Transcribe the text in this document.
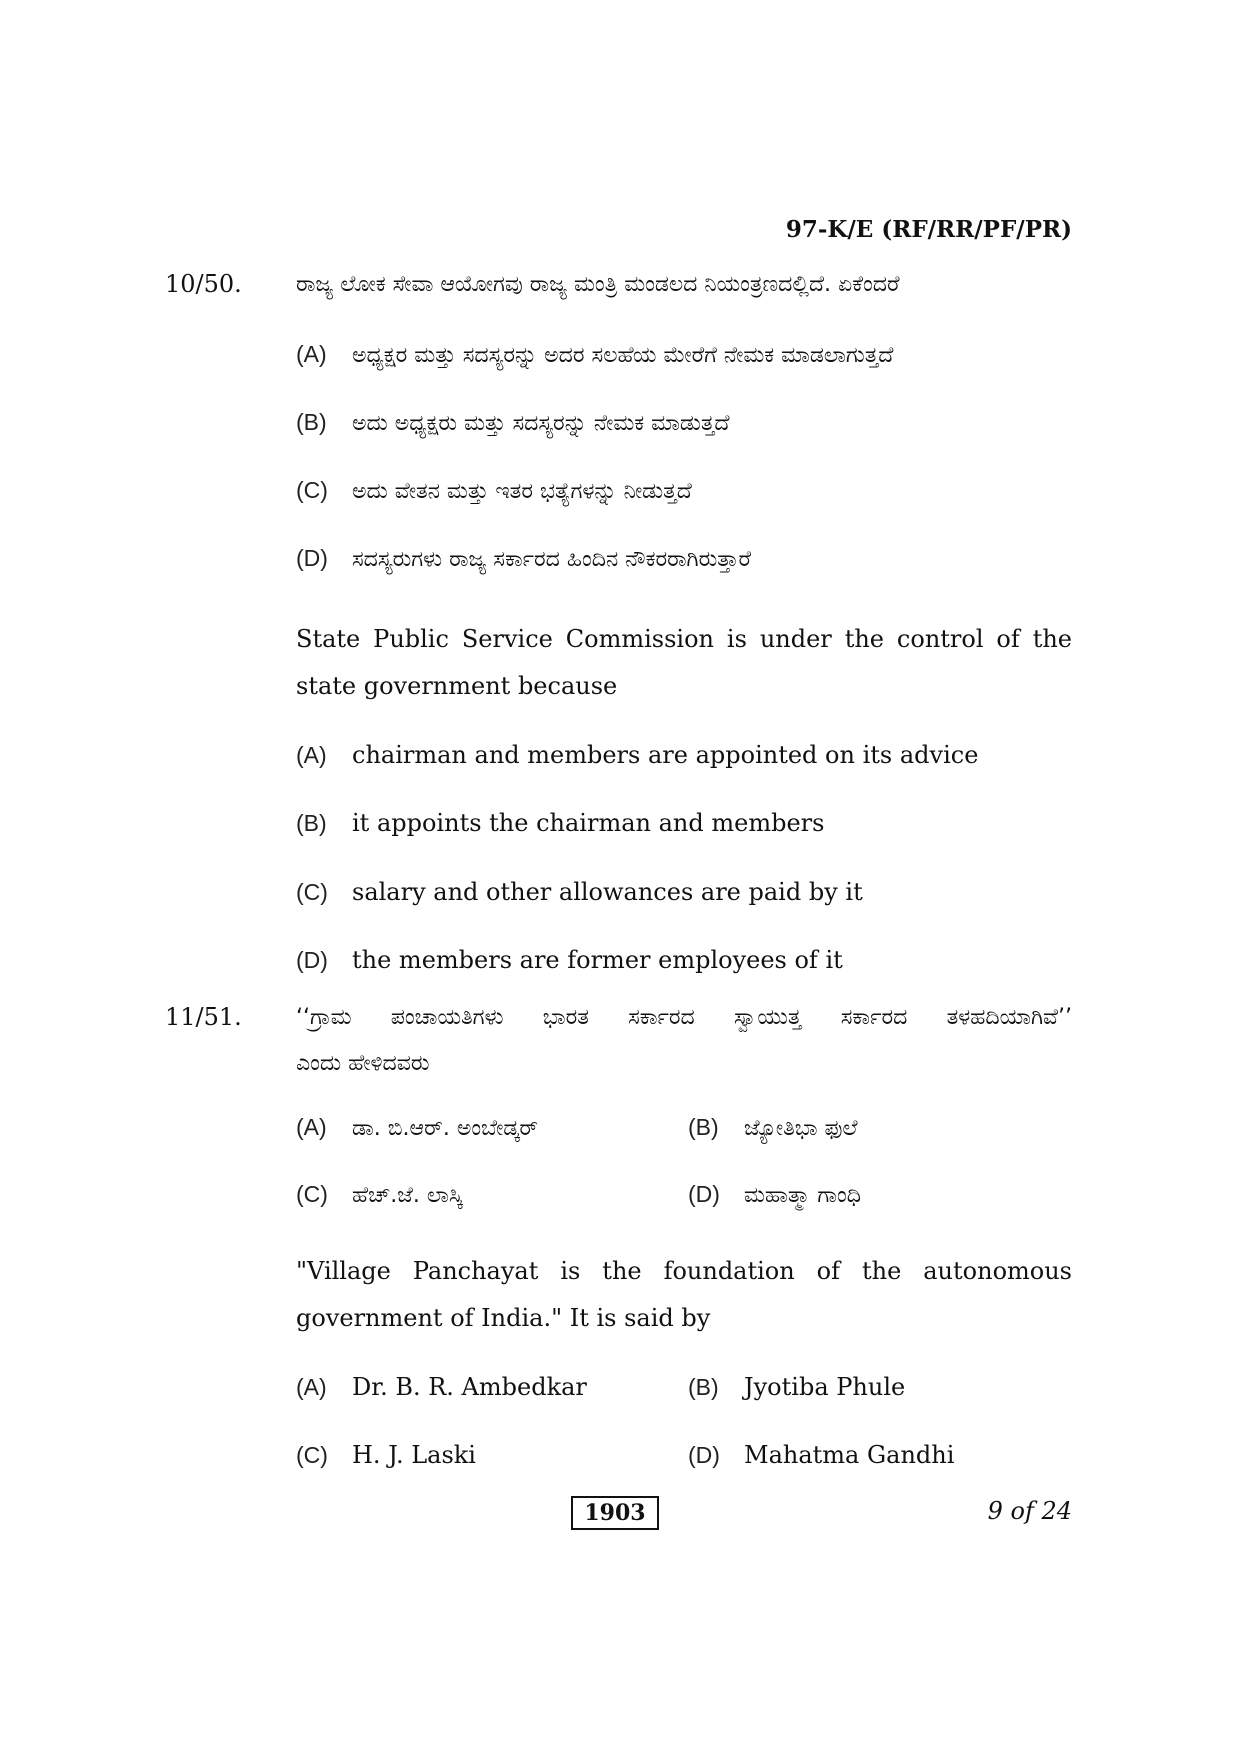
97-K/E (RF/RR/PF/PR)
10/50. ರಾಜ್ಯ ಲೋಕ ಸೇವಾ ಆಯೋಗವು ರಾಜ್ಯ ಮಂತ್ರಿ ಮಂಡಲದ ನಿಯಂತ್ರಣದಲ್ಲಿದೆ. ಏಕೆಂದರೆ
(A) ಅಧ್ಯಕ್ಷರ ಮತ್ತು ಸದಸ್ಯರನ್ನು ಅದರ ಸಲಹೆಯ ಮೇರೆಗೆ ನೇಮಕ ಮಾಡಲಾಗುತ್ತದೆ
(B) ಅದು ಅಧ್ಯಕ್ಷರು ಮತ್ತು ಸದಸ್ಯರನ್ನು ನೇಮಕ ಮಾಡುತ್ತದೆ
(C) ಅದು ವೇತನ ಮತ್ತು ಇತರ ಭತ್ಯೆಗಳನ್ನು ನೀಡುತ್ತದೆ
(D) ಸದಸ್ಯರುಗಳು ರಾಜ್ಯ ಸರ್ಕಾರದ ಹಿಂದಿನ ನೌಕರರಾಗಿರುತ್ತಾರೆ
State Public Service Commission is under the control of the
state government because
(A) chairman and members are appointed on its advice
(B) it appoints the chairman and members
(C) salary and other allowances are paid by it
(D) the members are former employees of it
11/51. ‘‘ಗ್ರಾಮ ಪಂಚಾಯತಿಗಳು ಭಾರತ ಸರ್ಕಾರದ ಸ್ವಾಯುತ್ತ ಸರ್ಕಾರದ ತಳಹದಿಯಾಗಿವೆ’’
ಎಂದು ಹೇಳಿದವರು
(A) ಡಾ. ಬಿ.ಆರ್. ಅಂಬೇಡ್ಕರ್	(B) ಜ್ಯೋತಿಭಾ ಫುಲೆ
(C) ಹೆಚ್.ಜೆ. ಲಾಸ್ಕಿ	(D) ಮಹಾತ್ಮಾ ಗಾಂಧಿ
"Village Panchayat is the foundation of the autonomous
government of India." It is said by
(A) Dr. B. R. Ambedkar	(B) Jyotiba Phule
(C) H. J. Laski	(D) Mahatma Gandhi
1903	9 of 24
